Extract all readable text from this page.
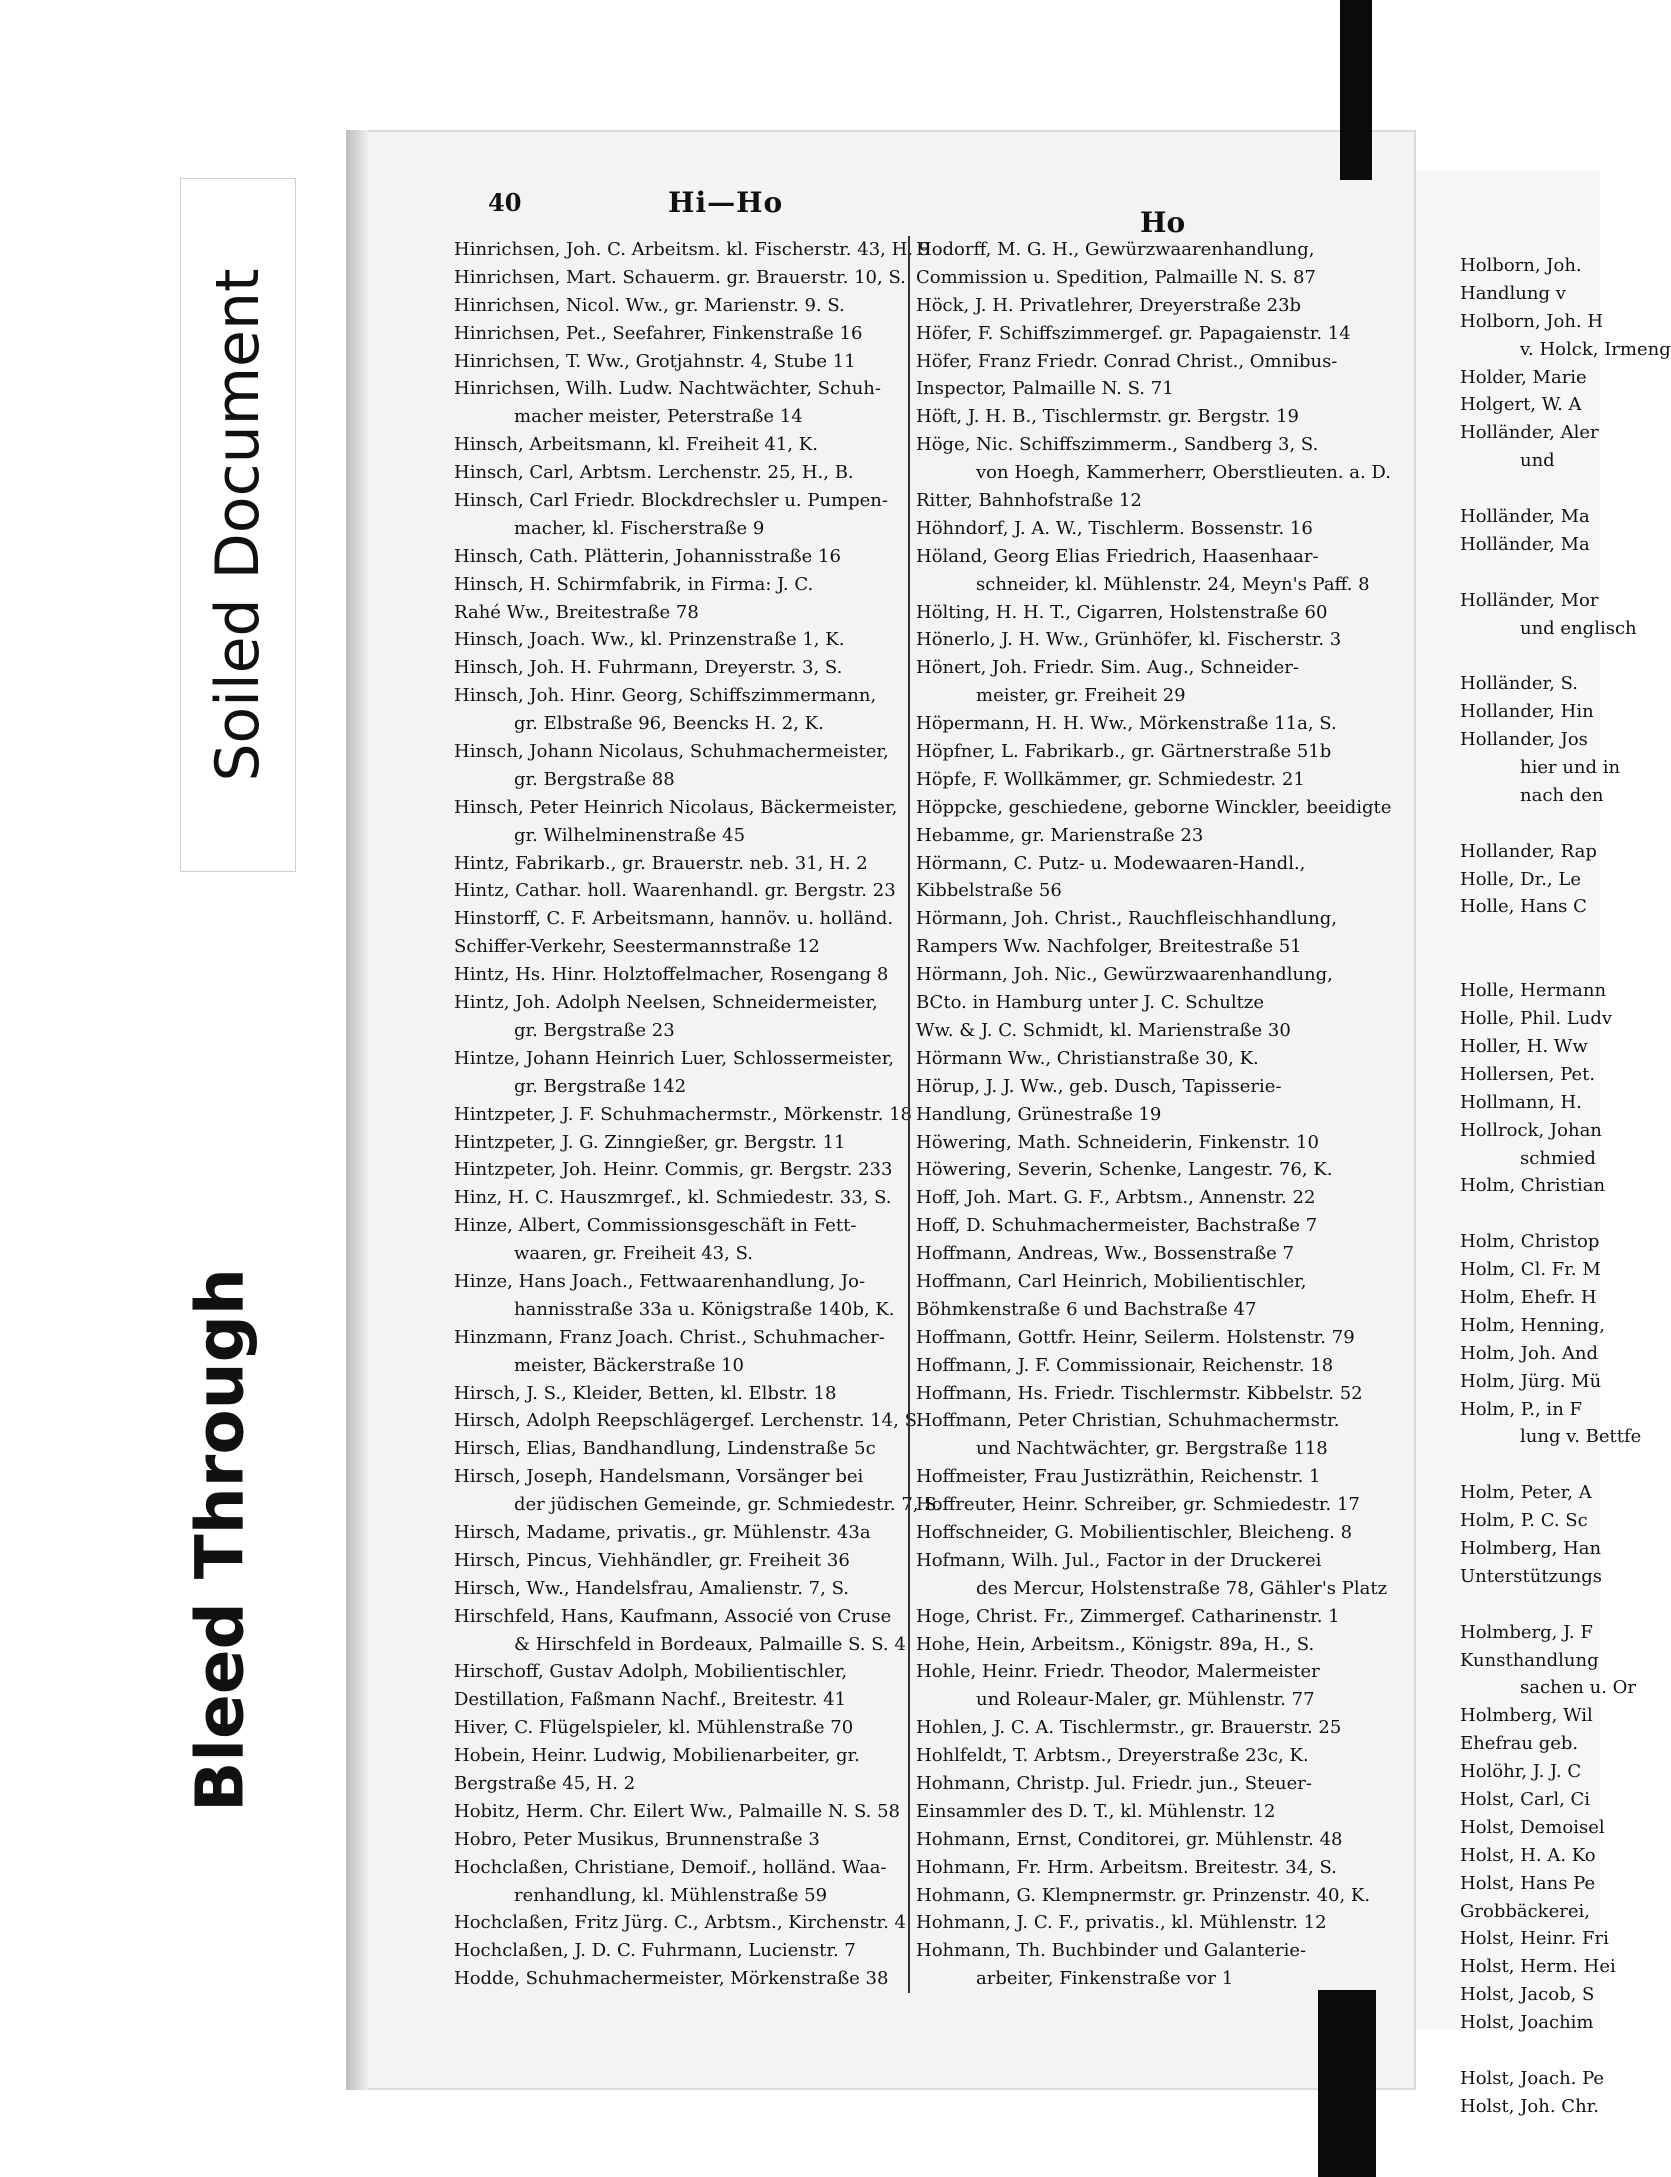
Soiled Document
Bleed Through
40	Hi—Ho
Ho
Hinrichsen, Joh. C. Arbeitsm. kl. Fischerstr. 43, H. 9
Hinrichsen, Mart. Schauerm. gr. Brauerstr. 10, S.
Hinrichsen, Nicol. Ww., gr. Marienstr. 9. S.
Hinrichsen, Pet., Seefahrer, Finkenstraße 16
Hinrichsen, T. Ww., Grotjahnstr. 4, Stube 11
Hinrichsen, Wilh. Ludw. Nachtwächter, Schuh-
macher meister, Peterstraße 14
Hinsch, Arbeitsmann, kl. Freiheit 41, K.
Hinsch, Carl, Arbtsm. Lerchenstr. 25, H., B.
Hinsch, Carl Friedr. Blockdrechsler u. Pumpen-
macher, kl. Fischerstraße 9
Hinsch, Cath. Plätterin, Johannisstraße 16
Hinsch, H. Schirmfabrik, in Firma: J. C.
Rahé Ww., Breitestraße 78
Hinsch, Joach. Ww., kl. Prinzenstraße 1, K.
Hinsch, Joh. H. Fuhrmann, Dreyerstr. 3, S.
Hinsch, Joh. Hinr. Georg, Schiffszimmermann,
gr. Elbstraße 96, Beencks H. 2, K.
Hinsch, Johann Nicolaus, Schuhmachermeister,
gr. Bergstraße 88
Hinsch, Peter Heinrich Nicolaus, Bäckermeister,
gr. Wilhelminenstraße 45
Hintz, Fabrikarb., gr. Brauerstr. neb. 31, H. 2
Hintz, Cathar. holl. Waarenhandl. gr. Bergstr. 23
Hinstorff, C. F. Arbeitsmann, hannöv. u. holländ.
Schiffer-Verkehr, Seestermannstraße 12
Hintz, Hs. Hinr. Holztoffelmacher, Rosengang 8
Hintz, Joh. Adolph Neelsen, Schneidermeister,
gr. Bergstraße 23
Hintze, Johann Heinrich Luer, Schlossermeister,
gr. Bergstraße 142
Hintzpeter, J. F. Schuhmachermstr., Mörkenstr. 18
Hintzpeter, J. G. Zinngießer, gr. Bergstr. 11
Hintzpeter, Joh. Heinr. Commis, gr. Bergstr. 233
Hinz, H. C. Hauszmrgef., kl. Schmiedestr. 33, S.
Hinze, Albert, Commissionsgeschäft in Fett-
waaren, gr. Freiheit 43, S.
Hinze, Hans Joach., Fettwaarenhandlung, Jo-
hannisstraße 33a u. Königstraße 140b, K.
Hinzmann, Franz Joach. Christ., Schuhmacher-
meister, Bäckerstraße 10
Hirsch, J. S., Kleider, Betten, kl. Elbstr. 18
Hirsch, Adolph Reepschlägergef. Lerchenstr. 14, S.
Hirsch, Elias, Bandhandlung, Lindenstraße 5c
Hirsch, Joseph, Handelsmann, Vorsänger bei
der jüdischen Gemeinde, gr. Schmiedestr. 7, S.
Hirsch, Madame, privatis., gr. Mühlenstr. 43a
Hirsch, Pincus, Viehhändler, gr. Freiheit 36
Hirsch, Ww., Handelsfrau, Amalienstr. 7, S.
Hirschfeld, Hans, Kaufmann, Associé von Cruse
& Hirschfeld in Bordeaux, Palmaille S. S. 4
Hirschoff, Gustav Adolph, Mobilientischler,
Destillation, Faßmann Nachf., Breitestr. 41
Hiver, C. Flügelspieler, kl. Mühlenstraße 70
Hobein, Heinr. Ludwig, Mobilienarbeiter, gr.
Bergstraße 45, H. 2
Hobitz, Herm. Chr. Eilert Ww., Palmaille N. S. 58
Hobro, Peter Musikus, Brunnenstraße 3
Hochclaßen, Christiane, Demoif., holländ. Waa-
renhandlung, kl. Mühlenstraße 59
Hochclaßen, Fritz Jürg. C., Arbtsm., Kirchenstr. 4
Hochclaßen, J. D. C. Fuhrmann, Lucienstr. 7
Hodde, Schuhmachermeister, Mörkenstraße 38
Hodorff, M. G. H., Gewürzwaarenhandlung,
Commission u. Spedition, Palmaille N. S. 87
Höck, J. H. Privatlehrer, Dreyerstraße 23b
Höfer, F. Schiffszimmergef. gr. Papagaienstr. 14
Höfer, Franz Friedr. Conrad Christ., Omnibus-
Inspector, Palmaille N. S. 71
Höft, J. H. B., Tischlermstr. gr. Bergstr. 19
Höge, Nic. Schiffszimmerm., Sandberg 3, S.
von Hoegh, Kammerherr, Oberstlieuten. a. D.
Ritter, Bahnhofstraße 12
Höhndorf, J. A. W., Tischlerm. Bossenstr. 16
Höland, Georg Elias Friedrich, Haasenhaar-
schneider, kl. Mühlenstr. 24, Meyn's Paff. 8
Hölting, H. H. T., Cigarren, Holstenstraße 60
Hönerlo, J. H. Ww., Grünhöfer, kl. Fischerstr. 3
Hönert, Joh. Friedr. Sim. Aug., Schneider-
meister, gr. Freiheit 29
Höpermann, H. H. Ww., Mörkenstraße 11a, S.
Höpfner, L. Fabrikarb., gr. Gärtnerstraße 51b
Höpfe, F. Wollkämmer, gr. Schmiedestr. 21
Höppcke, geschiedene, geborne Winckler, beeidigte
Hebamme, gr. Marienstraße 23
Hörmann, C. Putz- u. Modewaaren-Handl.,
Kibbelstraße 56
Hörmann, Joh. Christ., Rauchfleischhandlung,
Rampers Ww. Nachfolger, Breitestraße 51
Hörmann, Joh. Nic., Gewürzwaarenhandlung,
BCto. in Hamburg unter J. C. Schultze
Ww. & J. C. Schmidt, kl. Marienstraße 30
Hörmann Ww., Christianstraße 30, K.
Hörup, J. J. Ww., geb. Dusch, Tapisserie-
Handlung, Grünestraße 19
Höwering, Math. Schneiderin, Finkenstr. 10
Höwering, Severin, Schenke, Langestr. 76, K.
Hoff, Joh. Mart. G. F., Arbtsm., Annenstr. 22
Hoff, D. Schuhmachermeister, Bachstraße 7
Hoffmann, Andreas, Ww., Bossenstraße 7
Hoffmann, Carl Heinrich, Mobilientischler,
Böhmkenstraße 6 und Bachstraße 47
Hoffmann, Gottfr. Heinr, Seilerm. Holstenstr. 79
Hoffmann, J. F. Commissionair, Reichenstr. 18
Hoffmann, Hs. Friedr. Tischlermstr. Kibbelstr. 52
Hoffmann, Peter Christian, Schuhmachermstr.
und Nachtwächter, gr. Bergstraße 118
Hoffmeister, Frau Justizräthin, Reichenstr. 1
Hoffreuter, Heinr. Schreiber, gr. Schmiedestr. 17
Hoffschneider, G. Mobilientischler, Bleicheng. 8
Hofmann, Wilh. Jul., Factor in der Druckerei
des Mercur, Holstenstraße 78, Gähler's Platz
Hoge, Christ. Fr., Zimmergef. Catharinenstr. 1
Hohe, Hein, Arbeitsm., Königstr. 89a, H., S.
Hohle, Heinr. Friedr. Theodor, Malermeister
und Roleaur-Maler, gr. Mühlenstr. 77
Hohlen, J. C. A. Tischlermstr., gr. Brauerstr. 25
Hohlfeldt, T. Arbtsm., Dreyerstraße 23c, K.
Hohmann, Christp. Jul. Friedr. jun., Steuer-
Einsammler des D. T., kl. Mühlenstr. 12
Hohmann, Ernst, Conditorei, gr. Mühlenstr. 48
Hohmann, Fr. Hrm. Arbeitsm. Breitestr. 34, S.
Hohmann, G. Klempnermstr. gr. Prinzenstr. 40, K.
Hohmann, J. C. F., privatis., kl. Mühlenstr. 12
Hohmann, Th. Buchbinder und Galanterie-
arbeiter, Finkenstraße vor 1
Holborn, Joh.
Handlung v
Holborn, Joh. H
v. Holck, Irmeng
Holder, Marie
Holgert, W. A
Holländer, Aler
und
Holländer, Ma
Holländer, Ma
Holländer, Mor
und englisch
Holländer, S.
Hollander, Hin
Hollander, Jos
hier und in
nach den
Hollander, Rap
Holle, Dr., Le
Holle, Hans C
Holle, Hermann
Holle, Phil. Ludv
Holler, H. Ww
Hollersen, Pet.
Hollmann, H.
Hollrock, Johan
schmied
Holm, Christian
Holm, Christop
Holm, Cl. Fr. M
Holm, Ehefr. H
Holm, Henning,
Holm, Joh. And
Holm, Jürg. Mü
Holm, P., in F
lung v. Bettfe
Holm, Peter, A
Holm, P. C. Sc
Holmberg, Han
Unterstützungs
Holmberg, J. F
Kunsthandlung
sachen u. Or
Holmberg, Wil
Ehefrau geb.
Holöhr, J. J. C
Holst, Carl, Ci
Holst, Demoisel
Holst, H. A. Ko
Holst, Hans Pe
Grobbäckerei,
Holst, Heinr. Fri
Holst, Herm. Hei
Holst, Jacob, S
Holst, Joachim
Holst, Joach. Pe
Holst, Joh. Chr.
